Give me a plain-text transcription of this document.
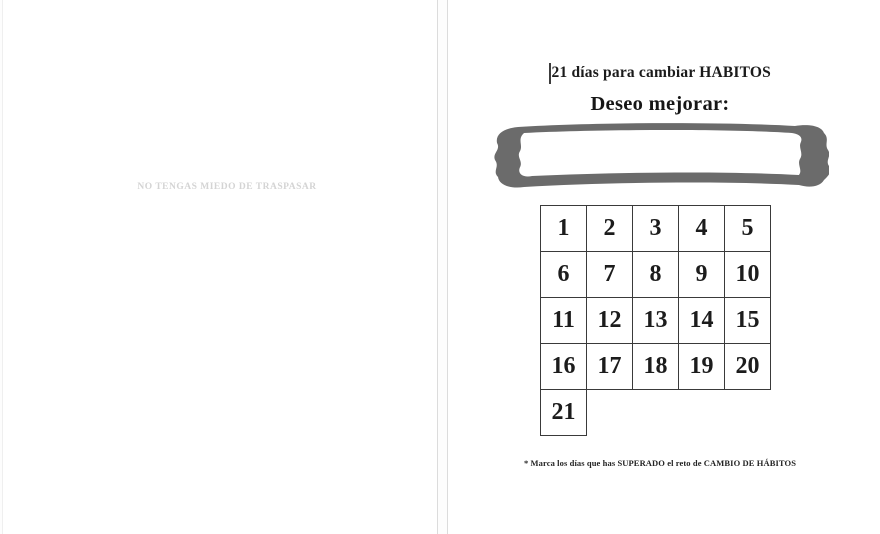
NO TENGAS MIEDO DE TRASPASAR
21 días para cambiar HABITOS
Deseo mejorar:
1	2	3	4	5
6	7	8	9	10
11	12	13	14	15
16	17	18	19	20
21				
* Marca los días que has SUPERADO el reto de CAMBIO DE HÁBITOS
